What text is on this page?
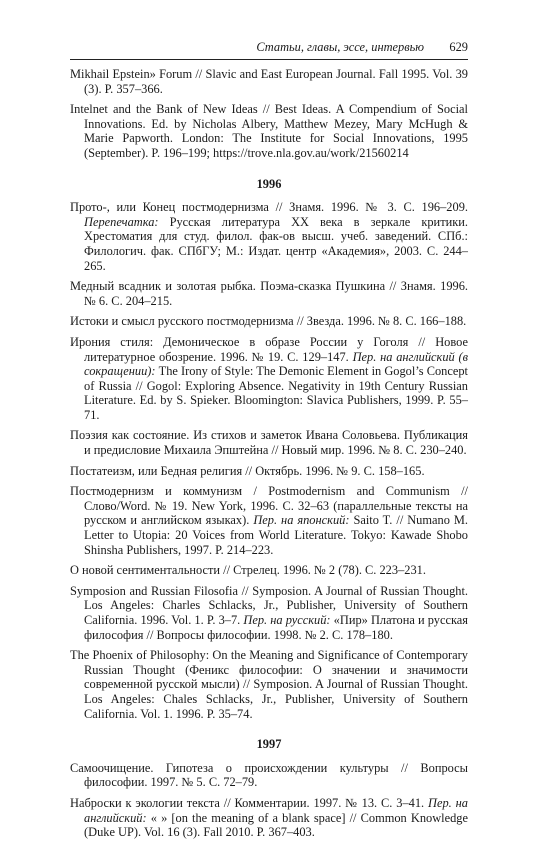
Статьи, главы, эссе, интервью 629

Mikhail Epstein» Forum // Slavic and East European Journal. Fall 1995. Vol. 39 (3). P. 357–366.

Intelnet and the Bank of New Ideas // Best Ideas. A Compendium of Social Innovations. Ed. by Nicholas Albery, Matthew Mezey, Mary McHugh & Marie Papworth. London: The Institute for Social Innovations, 1995 (September). P. 196–199; https://trove.nla.gov.au/work/21560214

1996

Прото-, или Конец постмодернизма // Знамя. 1996. № 3. С. 196–209. Перепечатка: Русская литература XX века в зеркале критики. Хрестоматия для студ. филол. фак-ов высш. учеб. заведений. СПб.: Филологич. фак. СПбГУ; М.: Издат. центр «Академия», 2003. С. 244–265.

Медный всадник и золотая рыбка. Поэма-сказка Пушкина // Знамя. 1996. № 6. С. 204–215.

Истоки и смысл русского постмодернизма // Звезда. 1996. № 8. С. 166–188.

Ирония стиля: Демоническое в образе России у Гоголя // Новое литературное обозрение. 1996. № 19. С. 129–147. Пер. на английский (в сокращении): The Irony of Style: The Demonic Element in Gogol’s Concept of Russia // Gogol: Exploring Absence. Negativity in 19th Century Russian Literature. Ed. by S. Spieker. Bloomington: Slavica Publishers, 1999. P. 55–71.

Поэзия как состояние. Из стихов и заметок Ивана Соловьева. Публикация и предисловие Михаила Эпштейна // Новый мир. 1996. № 8. С. 230–240.

Постатеизм, или Бедная религия // Октябрь. 1996. № 9. С. 158–165.

Постмодернизм и коммунизм / Postmodernism and Communism // Слово/Word. № 19. New York, 1996. С. 32–63 (параллельные тексты на русском и английском языках). Пер. на японский: Saito T. // Numano M. Letter to Utopia: 20 Voices from World Literature. Tokyo: Kawade Shobo Shinsha Publishers, 1997. P. 214–223.

О новой сентиментальности // Стрелец. 1996. № 2 (78). С. 223–231.

Symposion and Russian Filosofia // Symposion. A Journal of Russian Thought. Los Angeles: Charles Schlacks, Jr., Publisher, University of Southern California. 1996. Vol. 1. P. 3–7. Пер. на русский: «Пир» Платона и русская философия // Вопросы философии. 1998. № 2. С. 178–180.

The Phoenix of Philosophy: On the Meaning and Significance of Contemporary Russian Thought (Феникс философии: О значении и значимости современной русской мысли) // Symposion. A Journal of Russian Thought. Los Angeles: Chales Schlacks, Jr., Publisher, University of Southern California. Vol. 1. 1996. P. 35–74.

1997

Самоочищение. Гипотеза о происхождении культуры // Вопросы философии. 1997. № 5. С. 72–79.

Наброски к экологии текста // Комментарии. 1997. № 13. С. 3–41. Пер. на английский: « » [on the meaning of a blank space] // Common Knowledge (Duke UP). Vol. 16 (3). Fall 2010. P. 367–403.
